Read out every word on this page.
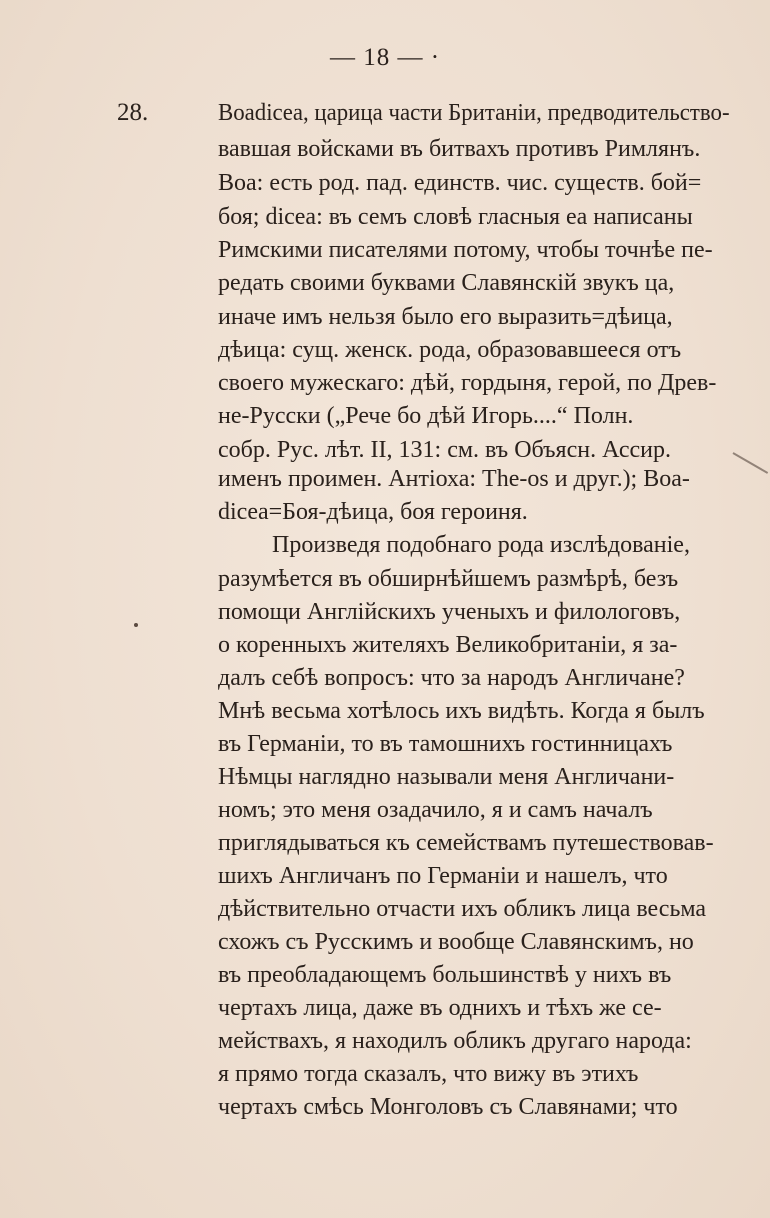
— 18 — ·
28.	Boadicea, царица части Британіи, предводительство-
вавшая войсками въ битвахъ противъ Римлянъ.
Boa: есть род. пад. единств. чис. существ. бой=
боя; dicea: въ семъ словѣ гласныя ea написаны
Римскими писателями потому, чтобы точнѣе пе-
редать своими буквами Славянскій звукъ ца,
иначе имъ нельзя было его выразить=дѣица,
дѣица: сущ. женск. рода, образовавшееся отъ
своего мужескаго: дѣй, гордыня, герой, по Древ-
не-Русски („Рече бо дѣй Игорь....“ Полн.
собр. Рус. лѣт. II, 131: см. въ Объясн. Ассир.
именъ проимен. Антіоха: The-os и друг.); Boa-
dicea=Боя-дѣица, боя героиня.
Произведя подобнаго рода изслѣдованіе,
разумѣется въ обширнѣйшемъ размѣрѣ, безъ
помощи Англійскихъ ученыхъ и филологовъ,
о коренныхъ жителяхъ Великобританіи, я за-
далъ себѣ вопросъ: что за народъ Англичане?
Мнѣ весьма хотѣлось ихъ видѣть. Когда я былъ
въ Германіи, то въ тамошнихъ гостинницахъ
Нѣмцы наглядно называли меня Англичани-
номъ; это меня озадачило, я и самъ началъ
приглядываться къ семействамъ путешествовав-
шихъ Англичанъ по Германіи и нашелъ, что
дѣйствительно отчасти ихъ обликъ лица весьма
схожъ съ Русскимъ и вообще Славянскимъ, но
въ преобладающемъ большинствѣ у нихъ въ
чертахъ лица, даже въ однихъ и тѣхъ же се-
мействахъ, я находилъ обликъ другаго народа:
я прямо тогда сказалъ, что вижу въ этихъ
чертахъ смѣсь Монголовъ съ Славянами; что
